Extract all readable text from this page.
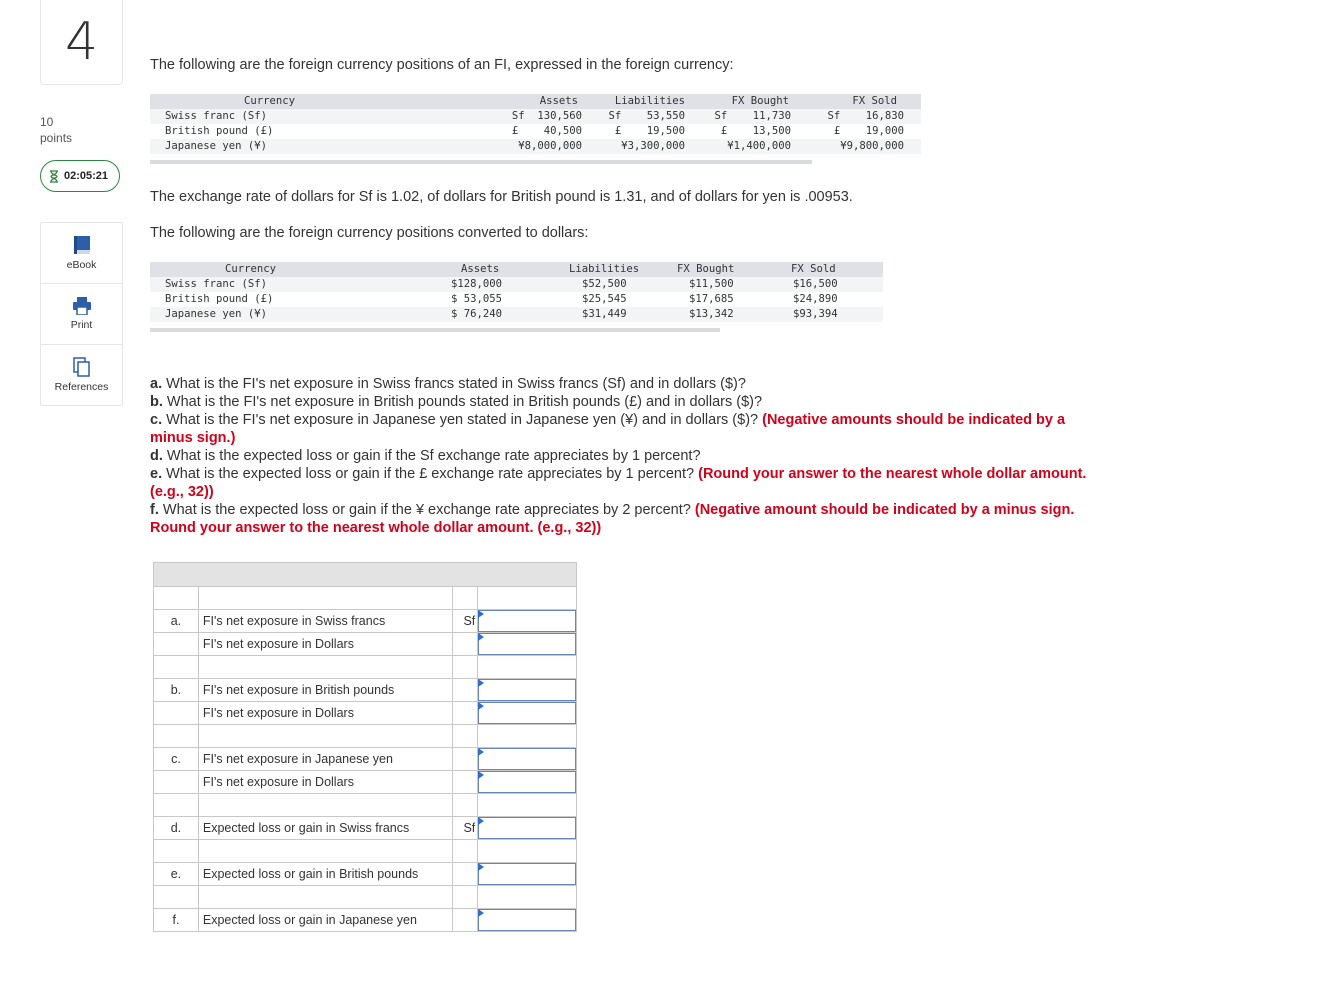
4
10
points
02:05:21
eBook
Print
References
The following are the foreign currency positions of an FI, expressed in the foreign currency:
Currency	Assets	Liabilities	FX Bought	FX Sold
Swiss franc (Sf)	Sf  130,560	Sf    53,550	Sf    11,730	Sf    16,830
British pound (£)	£    40,500	£    19,500	£    13,500	£    19,000
Japanese yen (¥)	¥8,000,000	¥3,300,000	¥1,400,000	¥9,800,000
The exchange rate of dollars for Sf is 1.02, of dollars for British pound is 1.31, and of dollars for yen is .00953.
The following are the foreign currency positions converted to dollars:
Currency	Assets	Liabilities	FX Bought	FX Sold
Swiss franc (Sf)	$128,000	$52,500	$11,500	$16,500
British pound (£)	$ 53,055	$25,545	$17,685	$24,890
Japanese yen (¥)	$ 76,240	$31,449	$13,342	$93,394

a. What is the FI's net exposure in Swiss francs stated in Swiss francs (Sf) and in dollars ($)?

b. What is the FI's net exposure in British pounds stated in British pounds (£) and in dollars ($)?

c. What is the FI's net exposure in Japanese yen stated in Japanese yen (¥) and in dollars ($)? (Negative amounts should be indicated by a minus sign.)

d. What is the expected loss or gain if the Sf exchange rate appreciates by 1 percent?

e. What is the expected loss or gain if the £ exchange rate appreciates by 1 percent? (Round your answer to the nearest whole dollar amount. (e.g., 32))

f. What is the expected loss or gain if the ¥ exchange rate appreciates by 2 percent? (Negative amount should be indicated by a minus sign. Round your answer to the nearest whole dollar amount. (e.g., 32))

a.	FI's net exposure in Swiss francs	Sf	

	FI's net exposure in Dollars		

b.	FI's net exposure in British pounds		

	FI's net exposure in Dollars		

c.	FI's net exposure in Japanese yen		

	FI's net exposure in Dollars		

d.	Expected loss or gain in Swiss francs	Sf	

e.	Expected loss or gain in British pounds		

f.	Expected loss or gain in Japanese yen		
